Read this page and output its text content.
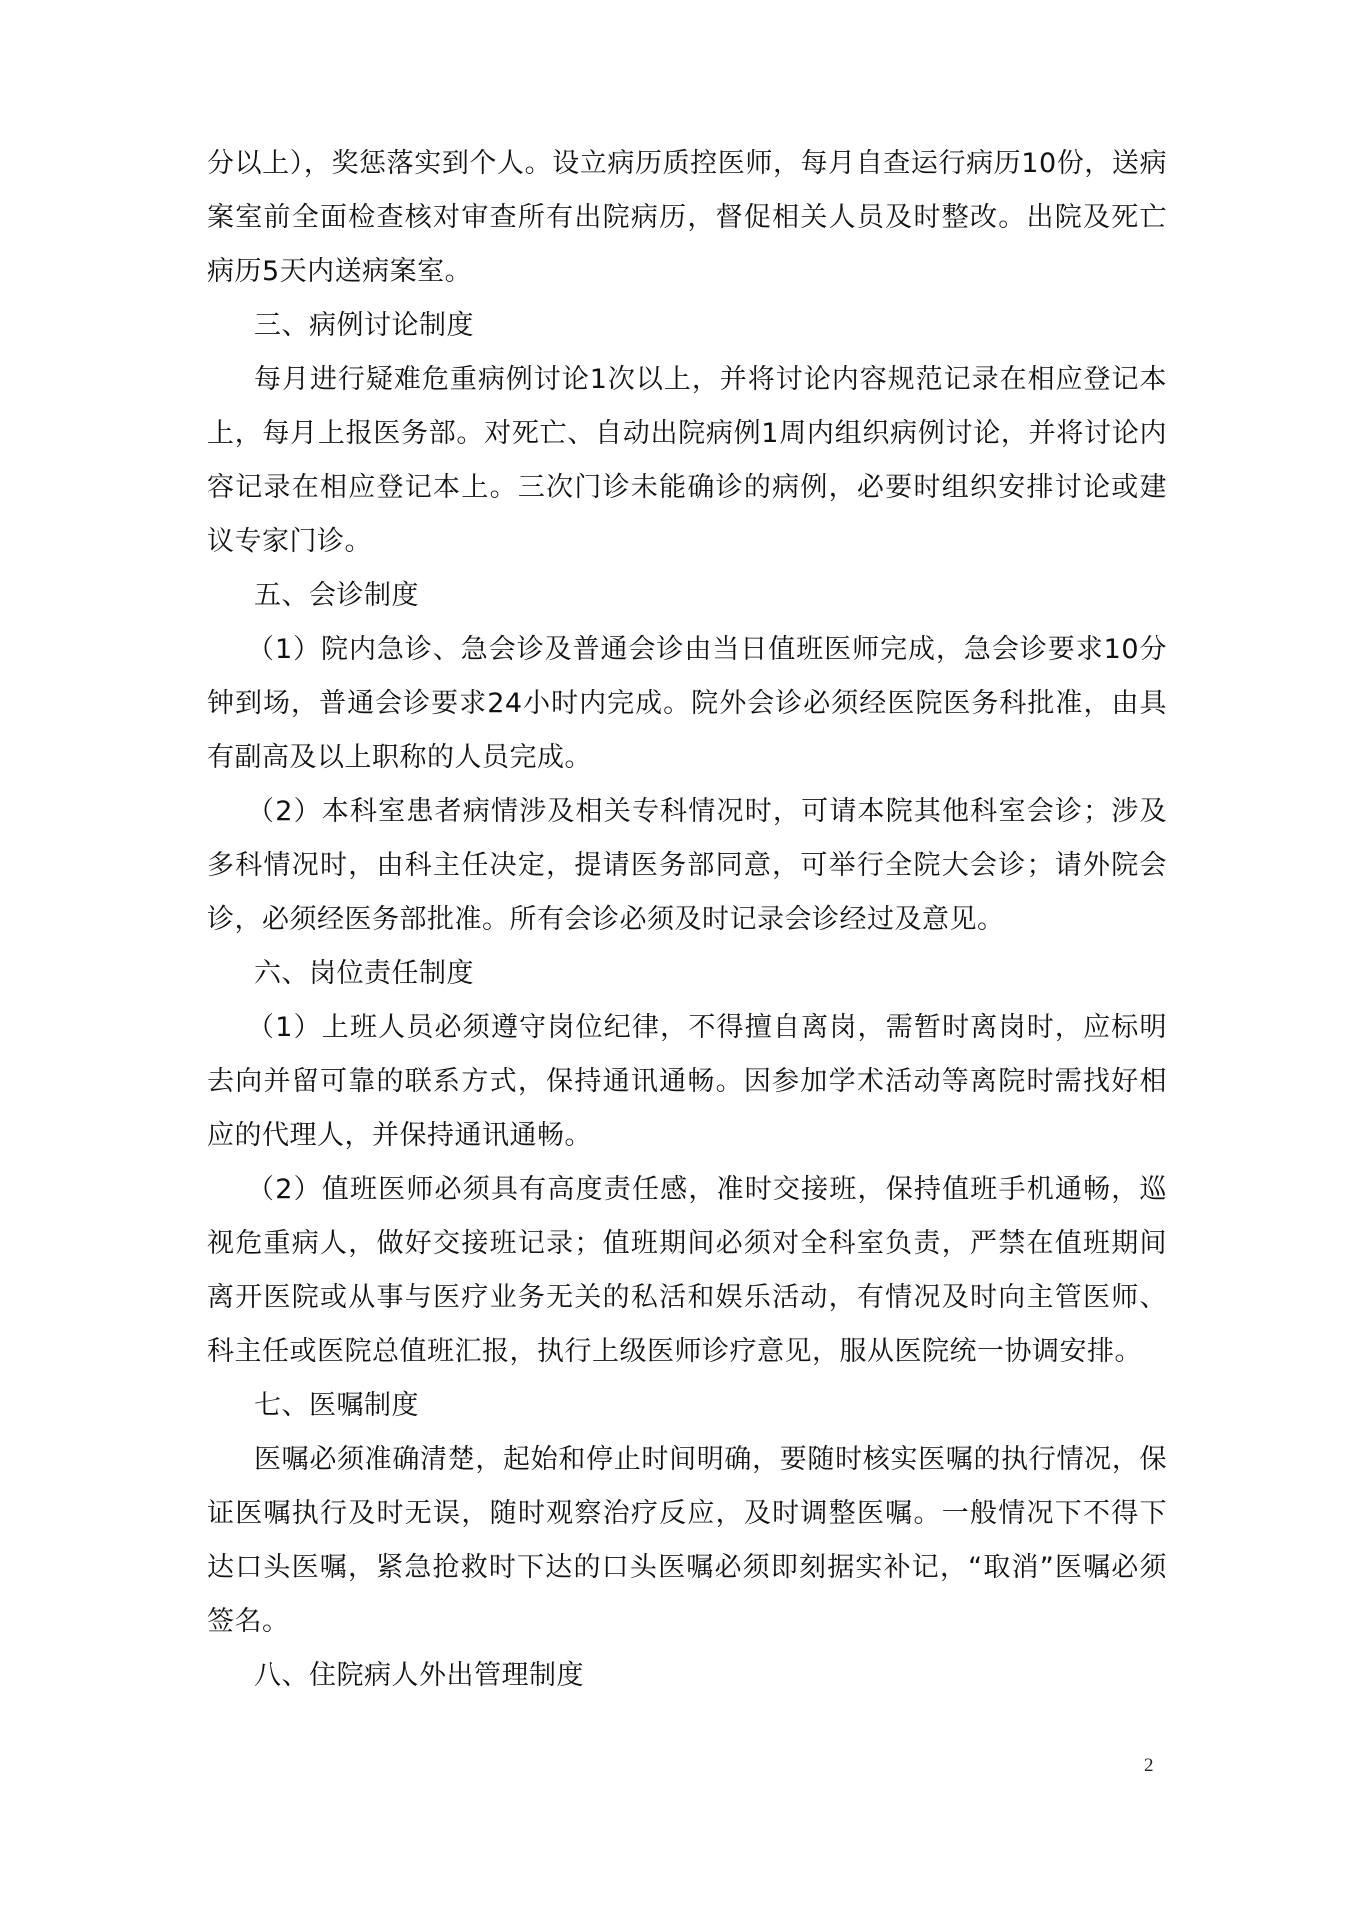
分以上），奖惩落实到个人。设立病历质控医师，每月自查运行病历10份，送病案室前全面检查核对审查所有出院病历，督促相关人员及时整改。出院及死亡病历5天内送病案室。

三、病例讨论制度

每月进行疑难危重病例讨论1次以上，并将讨论内容规范记录在相应登记本上，每月上报医务部。对死亡、自动出院病例1周内组织病例讨论，并将讨论内容记录在相应登记本上。三次门诊未能确诊的病例，必要时组织安排讨论或建议专家门诊。

五、会诊制度

（1）院内急诊、急会诊及普通会诊由当日值班医师完成，急会诊要求10分钟到场，普通会诊要求24小时内完成。院外会诊必须经医院医务科批准，由具有副高及以上职称的人员完成。

（2）本科室患者病情涉及相关专科情况时，可请本院其他科室会诊；涉及多科情况时，由科主任决定，提请医务部同意，可举行全院大会诊；请外院会诊，必须经医务部批准。所有会诊必须及时记录会诊经过及意见。

六、岗位责任制度

（1）上班人员必须遵守岗位纪律，不得擅自离岗，需暂时离岗时，应标明去向并留可靠的联系方式，保持通讯通畅。因参加学术活动等离院时需找好相应的代理人，并保持通讯通畅。

（2）值班医师必须具有高度责任感，准时交接班，保持值班手机通畅，巡视危重病人，做好交接班记录；值班期间必须对全科室负责，严禁在值班期间离开医院或从事与医疗业务无关的私活和娱乐活动，有情况及时向主管医师、科主任或医院总值班汇报，执行上级医师诊疗意见，服从医院统一协调安排。

七、医嘱制度

医嘱必须准确清楚，起始和停止时间明确，要随时核实医嘱的执行情况，保证医嘱执行及时无误，随时观察治疗反应，及时调整医嘱。一般情况下不得下达口头医嘱，紧急抢救时下达的口头医嘱必须即刻据实补记，“取消”医嘱必须签名。

八、住院病人外出管理制度

2
